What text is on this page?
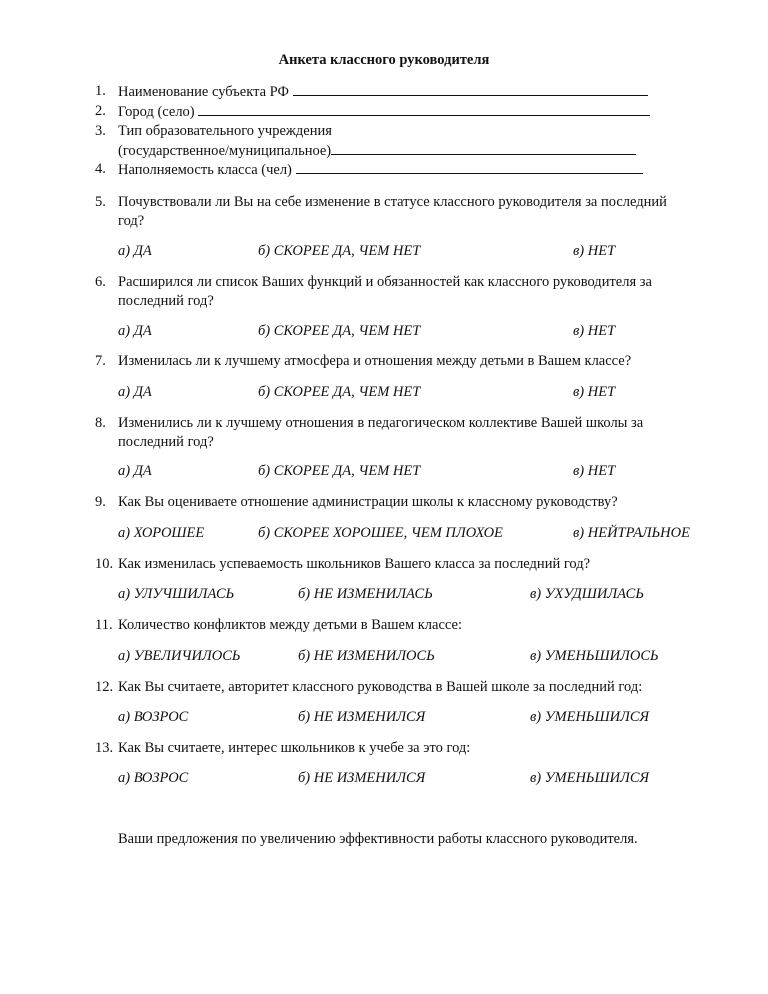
Анкета классного руководителя
1. Наименование субъекта РФ
2. Город (село)
3. Тип образовательного учреждения
(государственное/муниципальное)
4. Наполняемость класса (чел)
5. Почувствовали ли Вы на себе изменение в статусе классного руководителя за последний
год?
а) ДА	б) СКОРЕЕ ДА, ЧЕМ НЕТ	в) НЕТ
6. Расширился ли список Ваших функций и обязанностей как классного руководителя за
последний год?
а) ДА	б) СКОРЕЕ ДА, ЧЕМ НЕТ	в) НЕТ
7. Изменилась ли к лучшему атмосфера и отношения между детьми в Вашем классе?
а) ДА	б) СКОРЕЕ ДА, ЧЕМ НЕТ	в) НЕТ
8. Изменились ли к лучшему отношения в педагогическом коллективе Вашей школы за
последний год?
а) ДА	б) СКОРЕЕ ДА, ЧЕМ НЕТ	в) НЕТ
9. Как Вы оцениваете отношение администрации школы к классному руководству?
а) ХОРОШЕЕ	б) СКОРЕЕ ХОРОШЕЕ, ЧЕМ ПЛОХОЕ	в) НЕЙТРАЛЬНОЕ
10. Как изменилась успеваемость школьников Вашего класса за последний год?
а) УЛУЧШИЛАСЬ	б) НЕ ИЗМЕНИЛАСЬ	в) УХУДШИЛАСЬ
11. Количество конфликтов между детьми в Вашем классе:
а) УВЕЛИЧИЛОСЬ	б) НЕ ИЗМЕНИЛОСЬ	в) УМЕНЬШИЛОСЬ
12. Как Вы считаете, авторитет классного руководства в Вашей школе за последний год:
а) ВОЗРОС	б) НЕ ИЗМЕНИЛСЯ	в) УМЕНЬШИЛСЯ
13. Как Вы считаете, интерес школьников к учебе за это год:
а) ВОЗРОС	б) НЕ ИЗМЕНИЛСЯ	в) УМЕНЬШИЛСЯ
Ваши предложения по увеличению эффективности работы классного руководителя.
